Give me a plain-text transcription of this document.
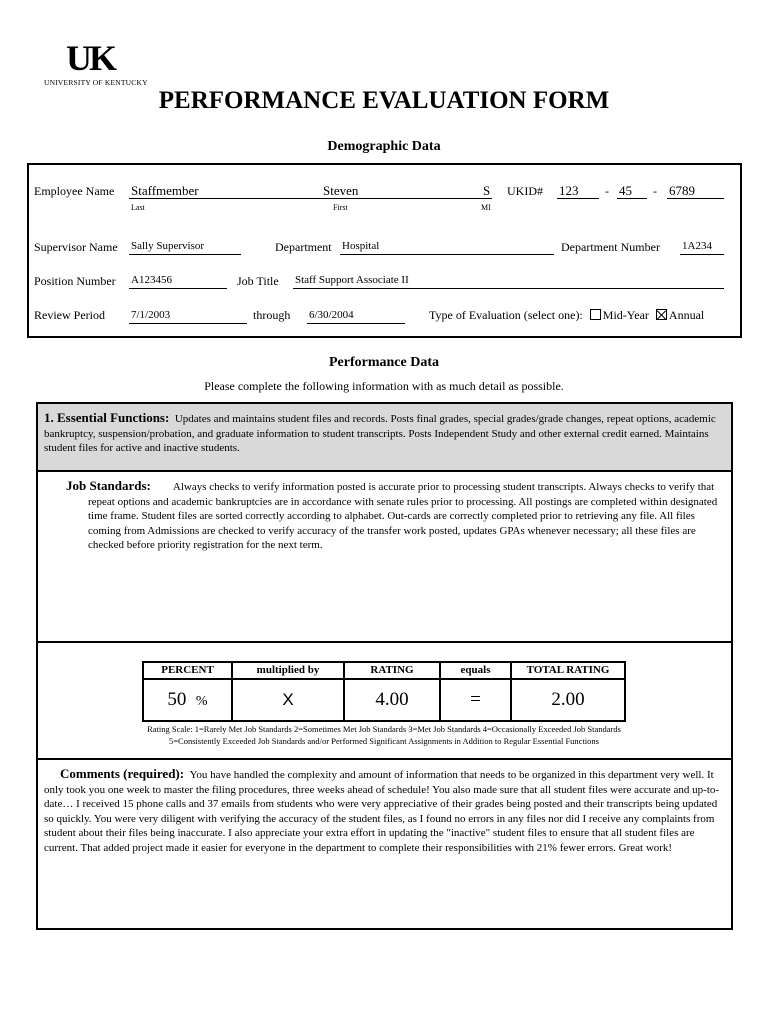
UK
UNIVERSITY OF KENTUCKY
PERFORMANCE EVALUATION FORM
Demographic Data
Employee Name Staffmember	Steven	S
Last	First	MI
UKID# 123	- 45	- 6789
Supervisor Name Sally Supervisor	Department Hospital	Department Number 1A234
Position Number A123456	Job Title Staff Support Associate II
Review Period 7/1/2003	through 6/30/2004	Type of Evaluation (select one): Mid-Year Annual
Performance Data
Please complete the following information with as much detail as possible.
1. Essential Functions: Updates and maintains student files and records. Posts final grades, special grades/grade changes, repeat options, academic bankruptcy, suspension/probation, and graduate information to student transcripts. Posts Independent Study and other external credit earned. Maintains student files for active and inactive students.
Job Standards: Always checks to verify information posted is accurate prior to processing student transcripts. Always checks to verify that repeat options and academic bankruptcies are in accordance with senate rules prior to processing. All postings are completed within designated time frame. Student files are sorted correctly according to alphabet. Out-cards are correctly completed prior to retrieving any file. All files coming from Admissions are checked to verify accuracy of the transfer work posted, updates GPAs whenever necessary; all these files are checked before priority registration for the next term.
PERCENT	multiplied by	RATING	equals	TOTAL RATING
50 %	X	4.00	=	2.00
Rating Scale: 1=Rarely Met Job Standards 2=Sometimes Met Job Standards 3=Met Job Standards 4=Occasionally Exceeded Job Standards
5=Consistently Exceeded Job Standards and/or Performed Significant Assignments in Addition to Regular Essential Functions
Comments (required): You have handled the complexity and amount of information that needs to be organized in this department very well. It only took you one week to master the filing procedures, three weeks ahead of schedule! You also made sure that all student files were accurate and up-to-date… I received 15 phone calls and 37 emails from students who were very appreciative of their grades being posted and their transcripts being updated so quickly. You were very diligent with verifying the accuracy of the student files, as I found no errors in any files nor did I receive any complaints from student about their files being inaccurate. I also appreciate your extra effort in updating the "inactive" student files to ensure that all student files are current. That added project made it easier for everyone in the department to complete their responsibilities with 21% fewer errors. Great work!
